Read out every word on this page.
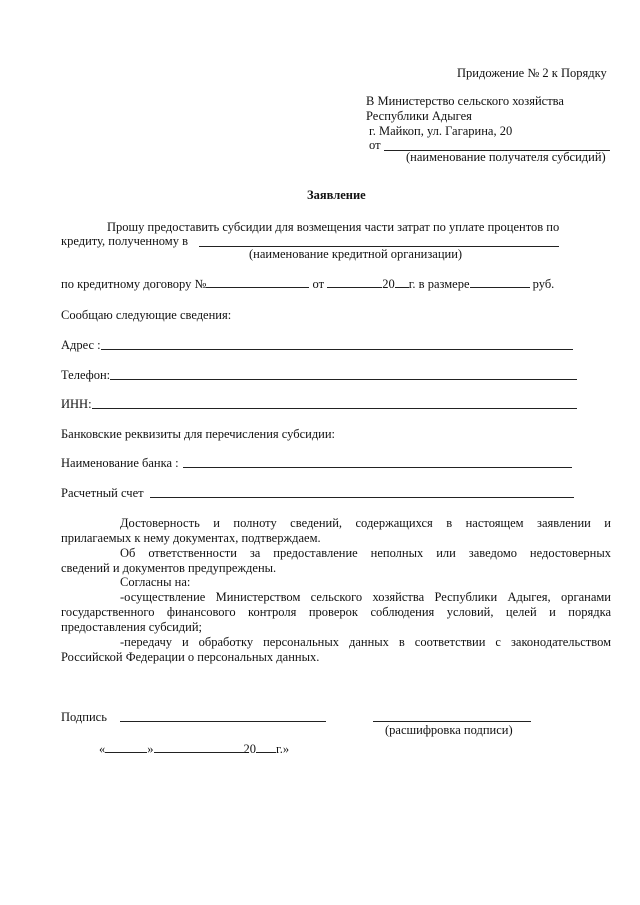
Придожение № 2 к Порядку
В Министерство сельского хозяйства
Республики Адыгея
г. Майкоп, ул. Гагарина, 20
от
(наименование получателя субсидий)
Заявление
Прошу предоставить субсидии для возмещения части затрат по уплате процентов по
кредиту, полученному в
(наименование кредитной организации)
по кредитному договору №	от	20 г. в размере	руб.
Сообщаю следующие сведения:
Адрес :
Телефон:
ИНН:
Банковские реквизиты для перечисления субсидии:
Наименование банка :
Расчетный счет
Достоверность и полноту сведений, содержащихся в настоящем заявлении и
прилагаемых к нему документах, подтверждаем.
Об ответственности за предоставление неполных или заведомо недостоверных
сведений и документов предупреждены.
Согласны на:
-осуществление Министерством сельского хозяйства Республики Адыгея, органами
государственного финансового контроля проверок соблюдения условий, целей и порядка
предоставления субсидий;
-передачу и обработку персональных данных в соответствии с законодательством
Российской Федерации о персональных данных.
Подпись
(расшифровка подписи)
«	»	20 г.»
